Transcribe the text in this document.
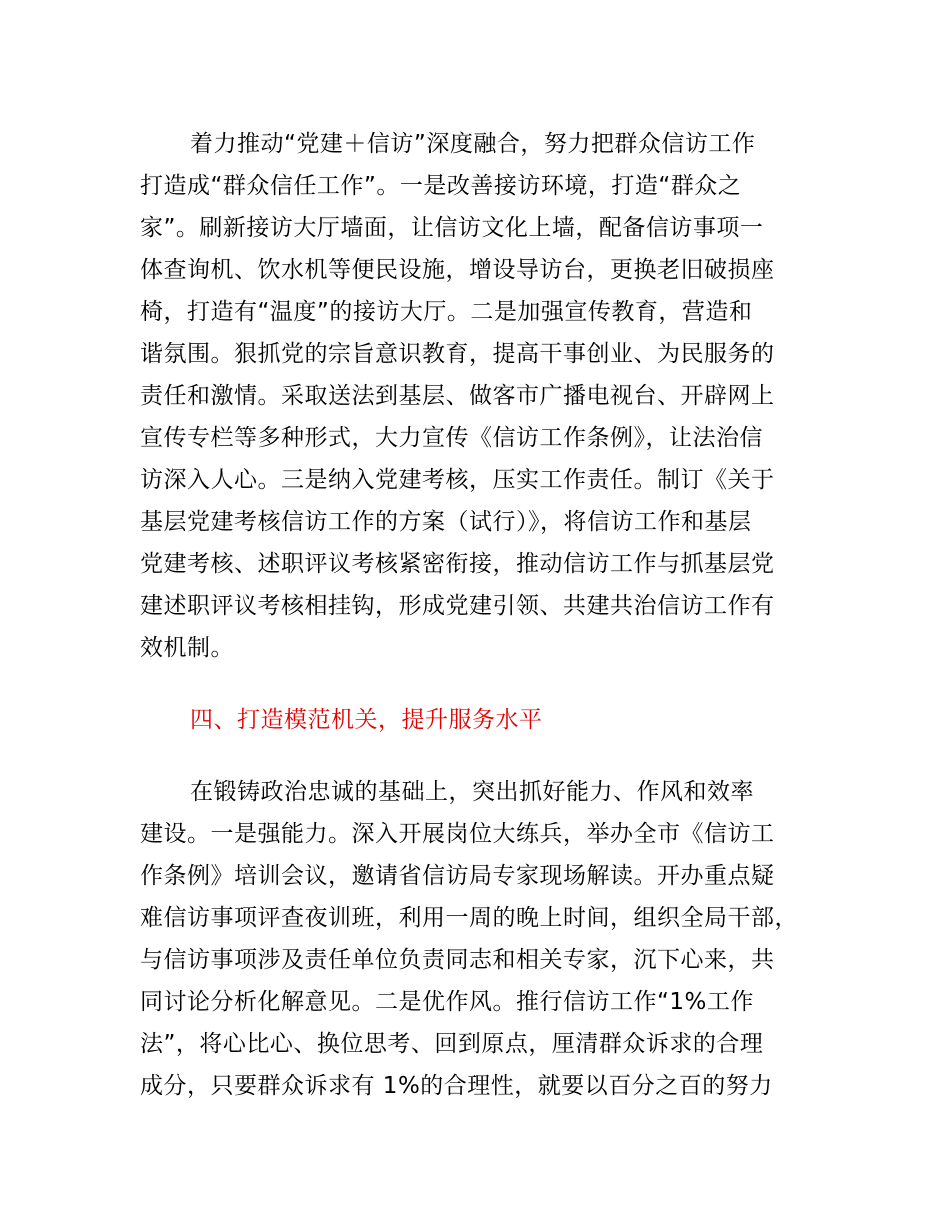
着力推动“党建＋信访”深度融合，努力把群众信访工作
打造成“群众信任工作”。一是改善接访环境，打造“群众之
家”。刷新接访大厅墙面，让信访文化上墙，配备信访事项一
体查询机、饮水机等便民设施，增设导访台，更换老旧破损座
椅，打造有“温度”的接访大厅。二是加强宣传教育，营造和
谐氛围。狠抓党的宗旨意识教育，提高干事创业、为民服务的
责任和激情。采取送法到基层、做客市广播电视台、开辟网上
宣传专栏等多种形式，大力宣传《信访工作条例》，让法治信
访深入人心。三是纳入党建考核，压实工作责任。制订《关于
基层党建考核信访工作的方案（试行）》，将信访工作和基层
党建考核、述职评议考核紧密衔接，推动信访工作与抓基层党
建述职评议考核相挂钩，形成党建引领、共建共治信访工作有
效机制。
四、打造模范机关，提升服务水平
在锻铸政治忠诚的基础上，突出抓好能力、作风和效率
建设。一是强能力。深入开展岗位大练兵，举办全市《信访工
作条例》培训会议，邀请省信访局专家现场解读。开办重点疑
难信访事项评查夜训班，利用一周的晚上时间，组织全局干部，
与信访事项涉及责任单位负责同志和相关专家，沉下心来，共
同讨论分析化解意见。二是优作风。推行信访工作“1%工作
法”，将心比心、换位思考、回到原点，厘清群众诉求的合理
成分，只要群众诉求有 1%的合理性，就要以百分之百的努力
